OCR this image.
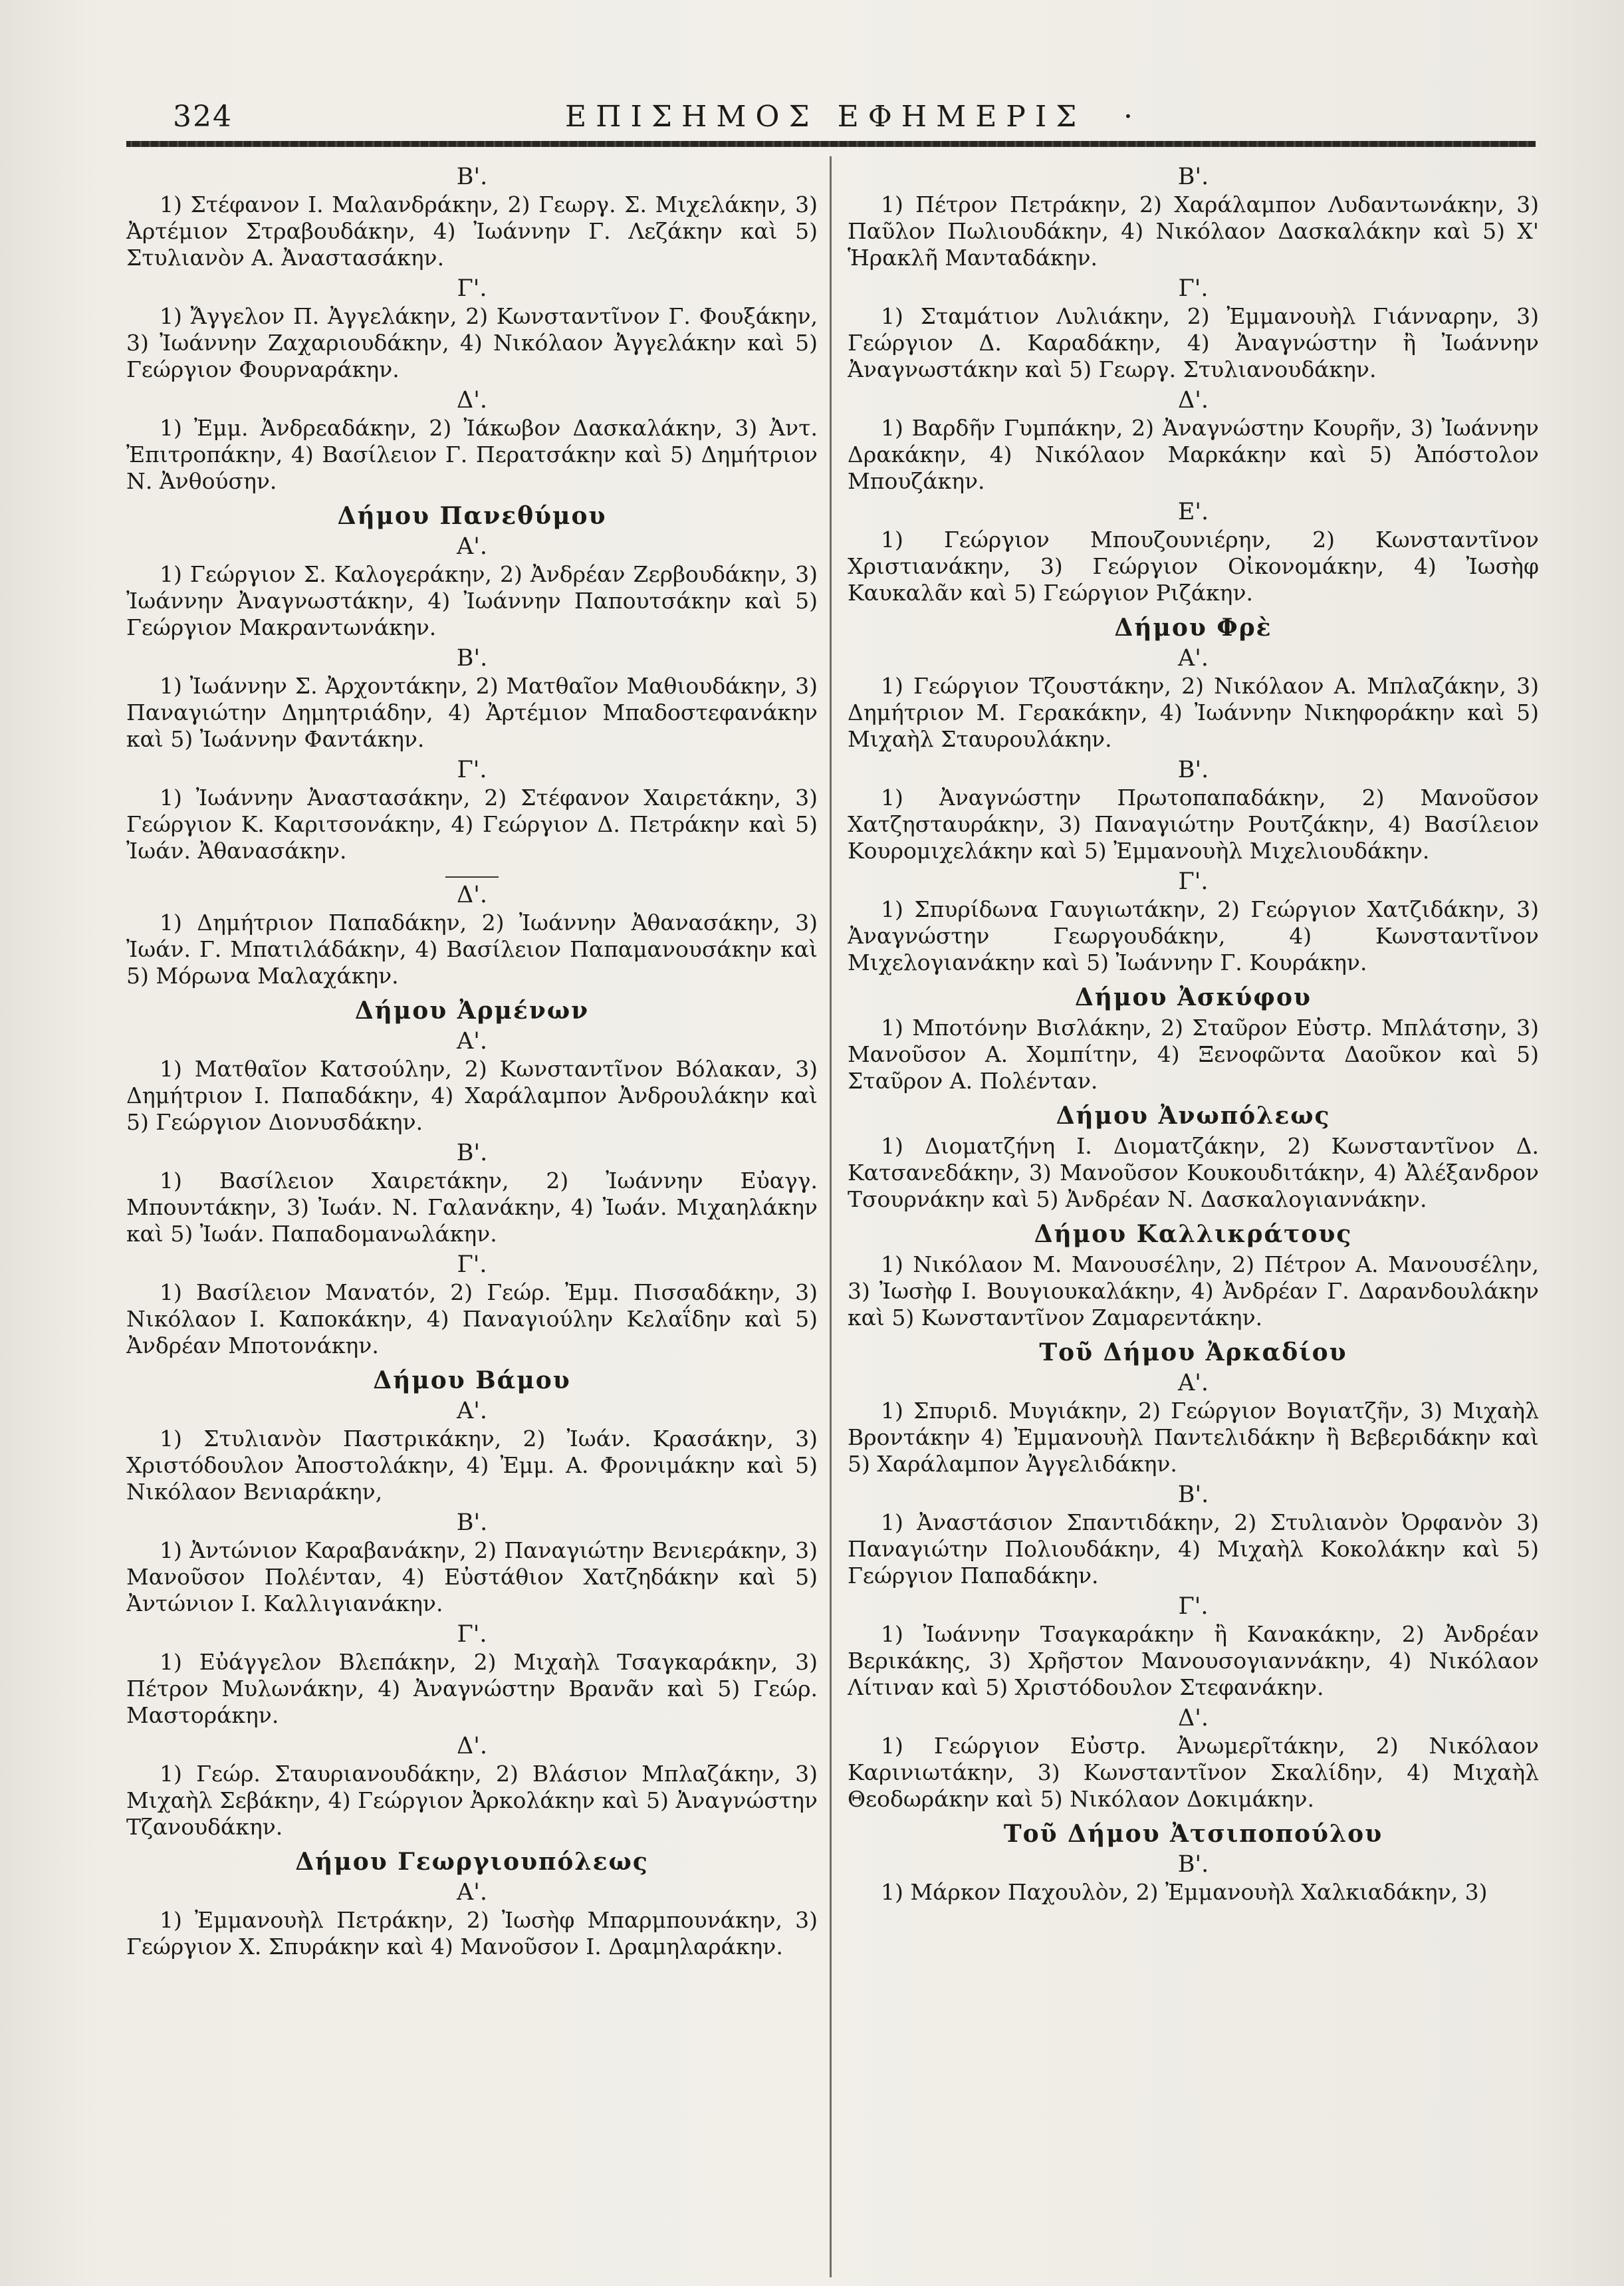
324	ΕΠΙΣΗΜΟΣ ΕΦΗΜΕΡΙΣ ·

Β'.

1) Στέφανον Ι. Μαλανδράκην, 2) Γεωργ. Σ. Μιχελάκην, 3) Ἀρτέμιον Στραβουδάκην, 4) Ἰωάννην Γ. Λεζάκην καὶ 5) Στυλιανὸν Α. Ἀναστασάκην.

Γ'.

1) Ἄγγελον Π. Ἀγγελάκην, 2) Κωνσταντῖνον Γ. Φουξάκην, 3) Ἰωάννην Ζαχαριουδάκην, 4) Νικόλαον Ἀγγελάκην καὶ 5) Γεώργιον Φουρναράκην.

Δ'.

1) Ἐμμ. Ἀνδρεαδάκην, 2) Ἰάκωβον Δασκαλάκην, 3) Ἀντ. Ἐπιτροπάκην, 4) Βασίλειον Γ. Περατσάκην καὶ 5) Δημήτριον Ν. Ἀνθούσην.

Δήμου Πανεθύμου

Α'.

1) Γεώργιον Σ. Καλογεράκην, 2) Ἀνδρέαν Ζερβουδάκην, 3) Ἰωάννην Ἀναγνωστάκην, 4) Ἰωάννην Παπουτσάκην καὶ 5) Γεώργιον Μακραντωνάκην.

Β'.

1) Ἰωάννην Σ. Ἀρχοντάκην, 2) Ματθαῖον Μαθιουδάκην, 3) Παναγιώτην Δημητριάδην, 4) Ἀρτέμιον Μπαδοστεφανάκην καὶ 5) Ἰωάννην Φαντάκην.

Γ'.

1) Ἰωάννην Ἀναστασάκην, 2) Στέφανον Χαιρετάκην, 3) Γεώργιον Κ. Καριτσονάκην, 4) Γεώργιον Δ. Πετράκην καὶ 5) Ἰωάν. Ἀθανασάκην.

Δ'.

1) Δημήτριον Παπαδάκην, 2) Ἰωάννην Ἀθανασάκην, 3) Ἰωάν. Γ. Μπατιλάδάκην, 4) Βασίλειον Παπαμανουσάκην καὶ 5) Μόρωνα Μαλαχάκην.

Δήμου Ἀρμένων

Α'.

1) Ματθαῖον Κατσούλην, 2) Κωνσταντῖνον Βόλακαν, 3) Δημήτριον Ι. Παπαδάκην, 4) Χαράλαμπον Ἀνδρουλάκην καὶ 5) Γεώργιον Διονυσδάκην.

Β'.

1) Βασίλειον Χαιρετάκην, 2) Ἰωάννην Εὐαγγ. Μπουντάκην, 3) Ἰωάν. Ν. Γαλανάκην, 4) Ἰωάν. Μιχαηλάκην καὶ 5) Ἰωάν. Παπαδομανωλάκην.

Γ'.

1) Βασίλειον Μανατόν, 2) Γεώρ. Ἐμμ. Πισσαδάκην, 3) Νικόλαον Ι. Καποκάκην, 4) Παναγιούλην Κελαΐδην καὶ 5) Ἀνδρέαν Μποτονάκην.

Δήμου Βάμου

Α'.

1) Στυλιανὸν Παστρικάκην, 2) Ἰωάν. Κρασάκην, 3) Χριστόδουλον Ἀποστολάκην, 4) Ἐμμ. Α. Φρονιμάκην καὶ 5) Νικόλαον Βενιαράκην,

Β'.

1) Ἀντώνιον Καραβανάκην, 2) Παναγιώτην Βενιεράκην, 3) Μανοῦσον Πολένταν, 4) Εὐστάθιον Χατζηδάκην καὶ 5) Ἀντώνιον Ι. Καλλιγιανάκην.

Γ'.

1) Εὐάγγελον Βλεπάκην, 2) Μιχαὴλ Τσαγκαράκην, 3) Πέτρον Μυλωνάκην, 4) Ἀναγνώστην Βρανᾶν καὶ 5) Γεώρ. Μαστοράκην.

Δ'.

1) Γεώρ. Σταυριανουδάκην, 2) Βλάσιον Μπλαζάκην, 3) Μιχαὴλ Σεβάκην, 4) Γεώργιον Ἀρκολάκην καὶ 5) Ἀναγνώστην Τζανουδάκην.

Δήμου Γεωργιουπόλεως

Α'.

1) Ἐμμανουὴλ Πετράκην, 2) Ἰωσὴφ Μπαρμπουνάκην, 3) Γεώργιον Χ. Σπυράκην καὶ 4) Μανοῦσον Ι. Δραμηλαράκην.

Β'.

1) Πέτρον Πετράκην, 2) Χαράλαμπον Λυδαντωνάκην, 3) Παῦλον Πωλιουδάκην, 4) Νικόλαον Δασκαλάκην καὶ 5) Χ' Ἡρακλῆ Μανταδάκην.

Γ'.

1) Σταμάτιον Λυλιάκην, 2) Ἐμμανουὴλ Γιάνναρην, 3) Γεώργιον Δ. Καραδάκην, 4) Ἀναγνώστην ἢ Ἰωάννην Ἀναγνωστάκην καὶ 5) Γεωργ. Στυλιανουδάκην.

Δ'.

1) Βαρδῆν Γυμπάκην, 2) Ἀναγνώστην Κουρῆν, 3) Ἰωάννην Δρακάκην, 4) Νικόλαον Μαρκάκην καὶ 5) Ἀπόστολον Μπουζάκην.

Ε'.

1) Γεώργιον Μπουζουνιέρην, 2) Κωνσταντῖνον Χριστιανάκην, 3) Γεώργιον Οἰκονομάκην, 4) Ἰωσὴφ Καυκαλᾶν καὶ 5) Γεώργιον Ριζάκην.

Δήμου Φρὲ

Α'.

1) Γεώργιον Τζουστάκην, 2) Νικόλαον Α. Μπλαζάκην, 3) Δημήτριον Μ. Γερακάκην, 4) Ἰωάννην Νικηφοράκην καὶ 5) Μιχαὴλ Σταυρουλάκην.

Β'.

1) Ἀναγνώστην Πρωτοπαπαδάκην, 2) Μανοῦσον Χατζησταυράκην, 3) Παναγιώτην Ρουτζάκην, 4) Βασίλειον Κουρομιχελάκην καὶ 5) Ἐμμανουὴλ Μιχελιουδάκην.

Γ'.

1) Σπυρίδωνα Γαυγιωτάκην, 2) Γεώργιον Χατζιδάκην, 3) Ἀναγνώστην Γεωργουδάκην, 4) Κωνσταντῖνον Μιχελογιανάκην καὶ 5) Ἰωάννην Γ. Κουράκην.

Δήμου Ἀσκύφου

1) Μποτόνην Βισλάκην, 2) Σταῦρον Εὐστρ. Μπλάτσην, 3) Μανοῦσον Α. Χομπίτην, 4) Ξενοφῶντα Δαοῦκον καὶ 5) Σταῦρον Α. Πολένταν.

Δήμου Ἀνωπόλεως

1) Διοματζήνη Ι. Διοματζάκην, 2) Κωνσταντῖνον Δ. Κατσανεδάκην, 3) Μανοῦσον Κουκουδιτάκην, 4) Ἀλέξανδρον Τσουρνάκην καὶ 5) Ἀνδρέαν Ν. Δασκαλογιαννάκην.

Δήμου Καλλικράτους

1) Νικόλαον Μ. Μανουσέλην, 2) Πέτρον Α. Μανουσέλην, 3) Ἰωσὴφ Ι. Βουγιουκαλάκην, 4) Ἀνδρέαν Γ. Δαρανδουλάκην καὶ 5) Κωνσταντῖνον Ζαμαρεντάκην.

Τοῦ Δήμου Ἀρκαδίου

Α'.

1) Σπυριδ. Μυγιάκην, 2) Γεώργιον Βογιατζῆν, 3) Μιχαὴλ Βροντάκην 4) Ἐμμανουὴλ Παντελιδάκην ἢ Βεβεριδάκην καὶ 5) Χαράλαμπον Ἀγγελιδάκην.

Β'.

1) Ἀναστάσιον Σπαντιδάκην, 2) Στυλιανὸν Ὀρφανὸν 3) Παναγιώτην Πολιουδάκην, 4) Μιχαὴλ Κοκολάκην καὶ 5) Γεώργιον Παπαδάκην.

Γ'.

1) Ἰωάννην Τσαγκαράκην ἢ Κανακάκην, 2) Ἀνδρέαν Βερικάκης, 3) Χρῆστον Μανουσογιαννάκην, 4) Νικόλαον Λίτιναν καὶ 5) Χριστόδουλον Στεφανάκην.

Δ'.

1) Γεώργιον Εὐστρ. Ἀνωμερῖτάκην, 2) Νικόλαον Καρινιωτάκην, 3) Κωνσταντῖνον Σκαλίδην, 4) Μιχαὴλ Θεοδωράκην καὶ 5) Νικόλαον Δοκιμάκην.

Τοῦ Δήμου Ἀτσιποπούλου

Β'.

1) Μάρκον Παχουλὸν, 2) Ἐμμανουὴλ Χαλκιαδάκην, 3)
